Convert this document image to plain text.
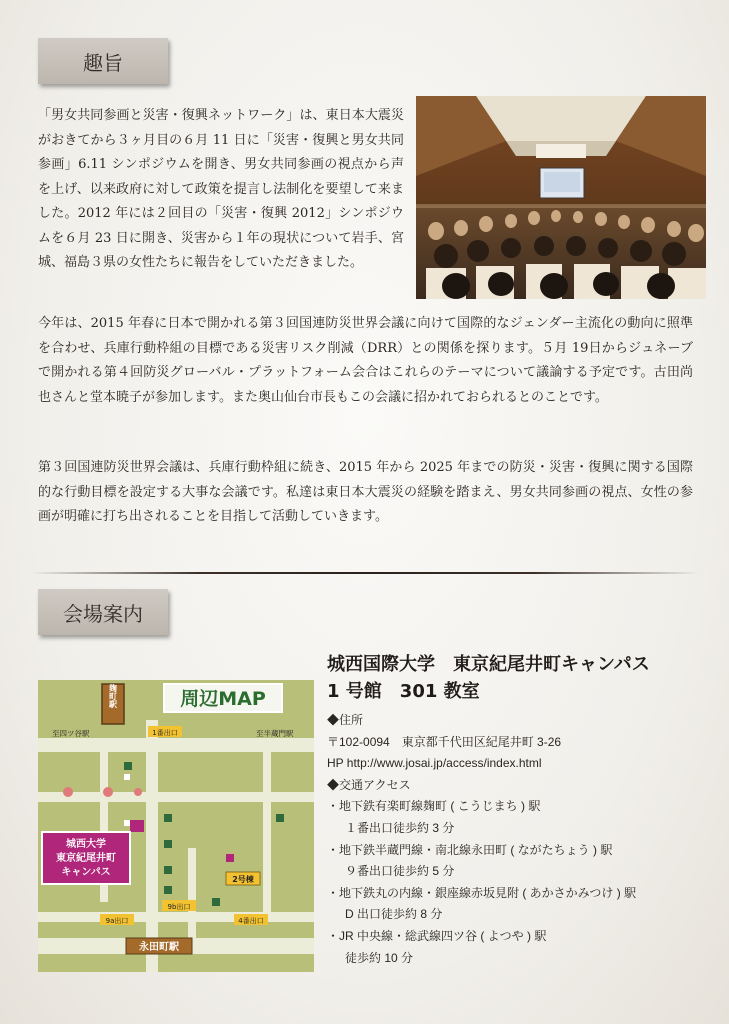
趣旨

「男女共同参画と災害・復興ネットワーク」は、東日本大震災がおきてから３ヶ月目の６月 11 日に「災害・復興と男女共同参画」6.11 シンポジウムを開き、男女共同参画の視点から声を上げ、以来政府に対して政策を提言し法制化を要望して来ました。2012 年には２回目の「災害・復興 2012」シンポジウムを６月 23 日に開き、災害から１年の現状について岩手、宮城、福島３県の女性たちに報告をしていただきました。

今年は、2015 年春に日本で開かれる第３回国連防災世界会議に向けて国際的なジェンダー主流化の動向に照準を合わせ、兵庫行動枠組の目標である災害リスク削減（DRR）との関係を探ります。５月 19日からジュネーブで開かれる第４回防災グローバル・プラットフォーム会合はこれらのテーマについて議論する予定です。古田尚也さんと堂本暁子が参加します。また奥山仙台市長もこの会議に招かれておられるとのことです。

第３回国連防災世界会議は、兵庫行動枠組に続き、2015 年から 2025 年までの防災・災害・復興に関する国際的な行動目標を設定する大事な会議です。私達は東日本大震災の経験を踏まえ、男女共同参画の視点、女性の参画が明確に打ち出されることを目指して活動していきます。

会場案内
城西国際大学　東京紀尾井町キャンパス
1 号館　301 教室
◆住所
〒102-0094　東京都千代田区紀尾井町 3-26
HP http://www.josai.jp/access/index.html
◆交通アクセス
・地下鉄有楽町線麹町 ( こうじまち ) 駅
１番出口徒歩約 3 分
・地下鉄半蔵門線・南北線永田町 ( ながたちょう ) 駅
９番出口徒歩約 5 分
・地下鉄丸の内線・銀座線赤坂見附 ( あかさかみつけ ) 駅
D 出口徒歩約 8 分
・JR 中央線・総武線四ツ谷 ( よつや ) 駅
徒歩約 10 分
周辺MAP
麹町駅
至四ツ谷駅	至半蔵門駅
1番出口
9a出口
9b出口
4番出口
2号棟
城西大学
東京紀尾井町
キャンパス
永田町駅
